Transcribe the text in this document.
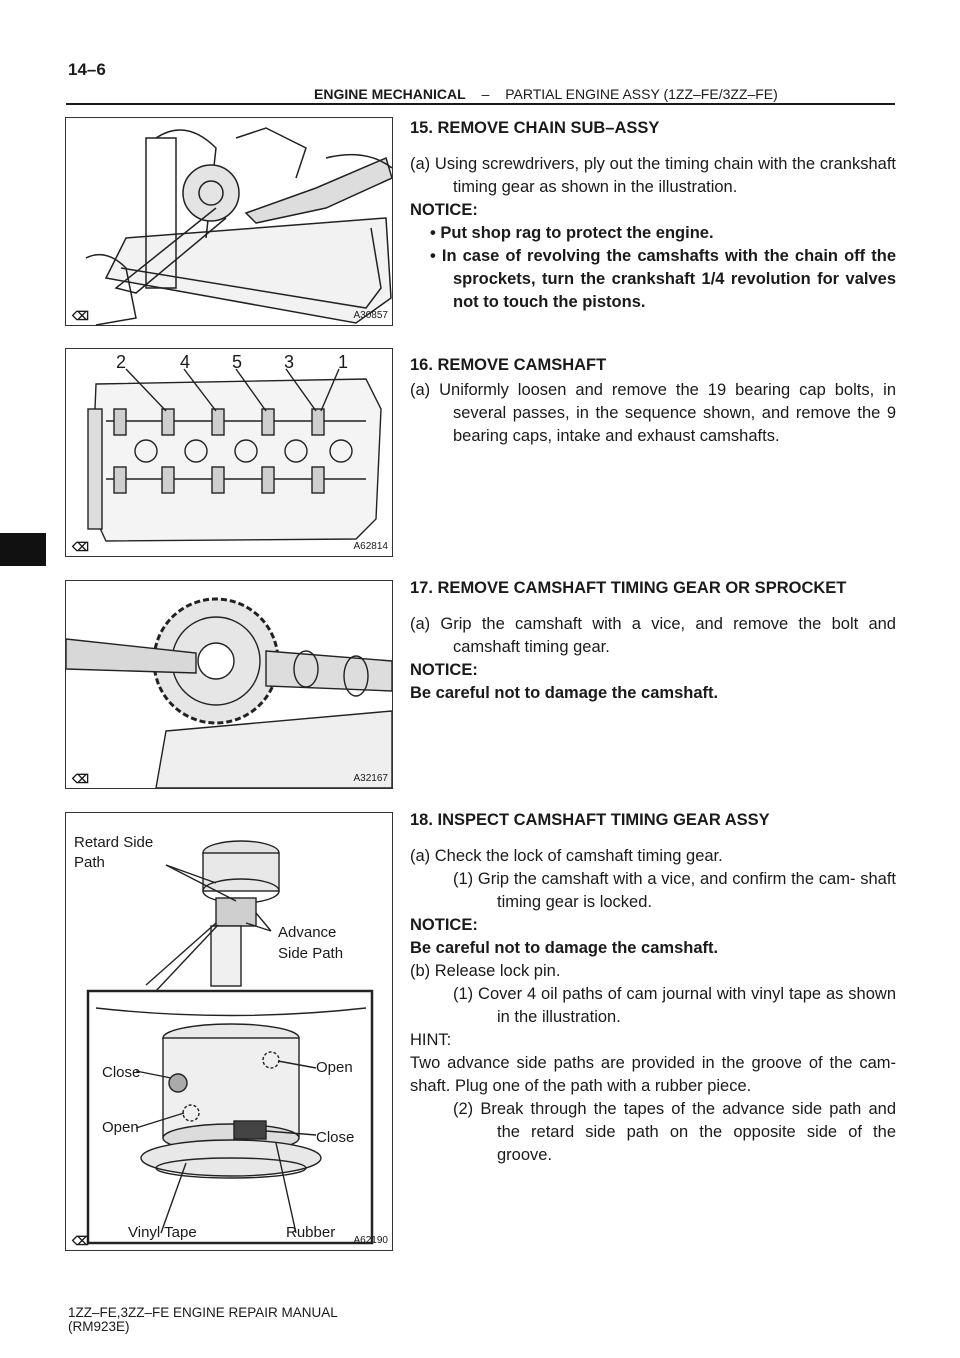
14–6
ENGINE MECHANICAL – PARTIAL ENGINE ASSY (1ZZ–FE/3ZZ–FE)
⌫	A30857
2	4 5 3 1
⌫	A62814
⌫	A32167
Retard Side
Path
Advance
Side Path
Close	Open
Open
Close
Vinyl Tape	Rubber
⌫	A62190

15. REMOVE CHAIN SUB–ASSY

(a) Using screwdrivers, ply out the timing chain with the crankshaft timing gear as shown in the illustration.

NOTICE:

• Put shop rag to protect the engine.

• In case of revolving the camshafts with the chain off the sprockets, turn the crankshaft 1/4 revolution for valves not to touch the pistons.

16. REMOVE CAMSHAFT

(a) Uniformly loosen and remove the 19 bearing cap bolts, in several passes, in the sequence shown, and remove the 9 bearing caps, intake and exhaust camshafts.

17. REMOVE CAMSHAFT TIMING GEAR OR SPROCKET

(a) Grip the camshaft with a vice, and remove the bolt and camshaft timing gear.

NOTICE:

Be careful not to damage the camshaft.

18. INSPECT CAMSHAFT TIMING GEAR ASSY

(a) Check the lock of camshaft timing gear.

(1) Grip the camshaft with a vice, and confirm the cam- shaft timing gear is locked.

NOTICE:

Be careful not to damage the camshaft.

(b) Release lock pin.

(1) Cover 4 oil paths of cam journal with vinyl tape as shown in the illustration.

HINT:

Two advance side paths are provided in the groove of the cam- shaft. Plug one of the path with a rubber piece.

(2) Break through the tapes of the advance side path and the retard side path on the opposite side of the groove.

1ZZ–FE,3ZZ–FE ENGINE REPAIR MANUAL
(RM923E)
